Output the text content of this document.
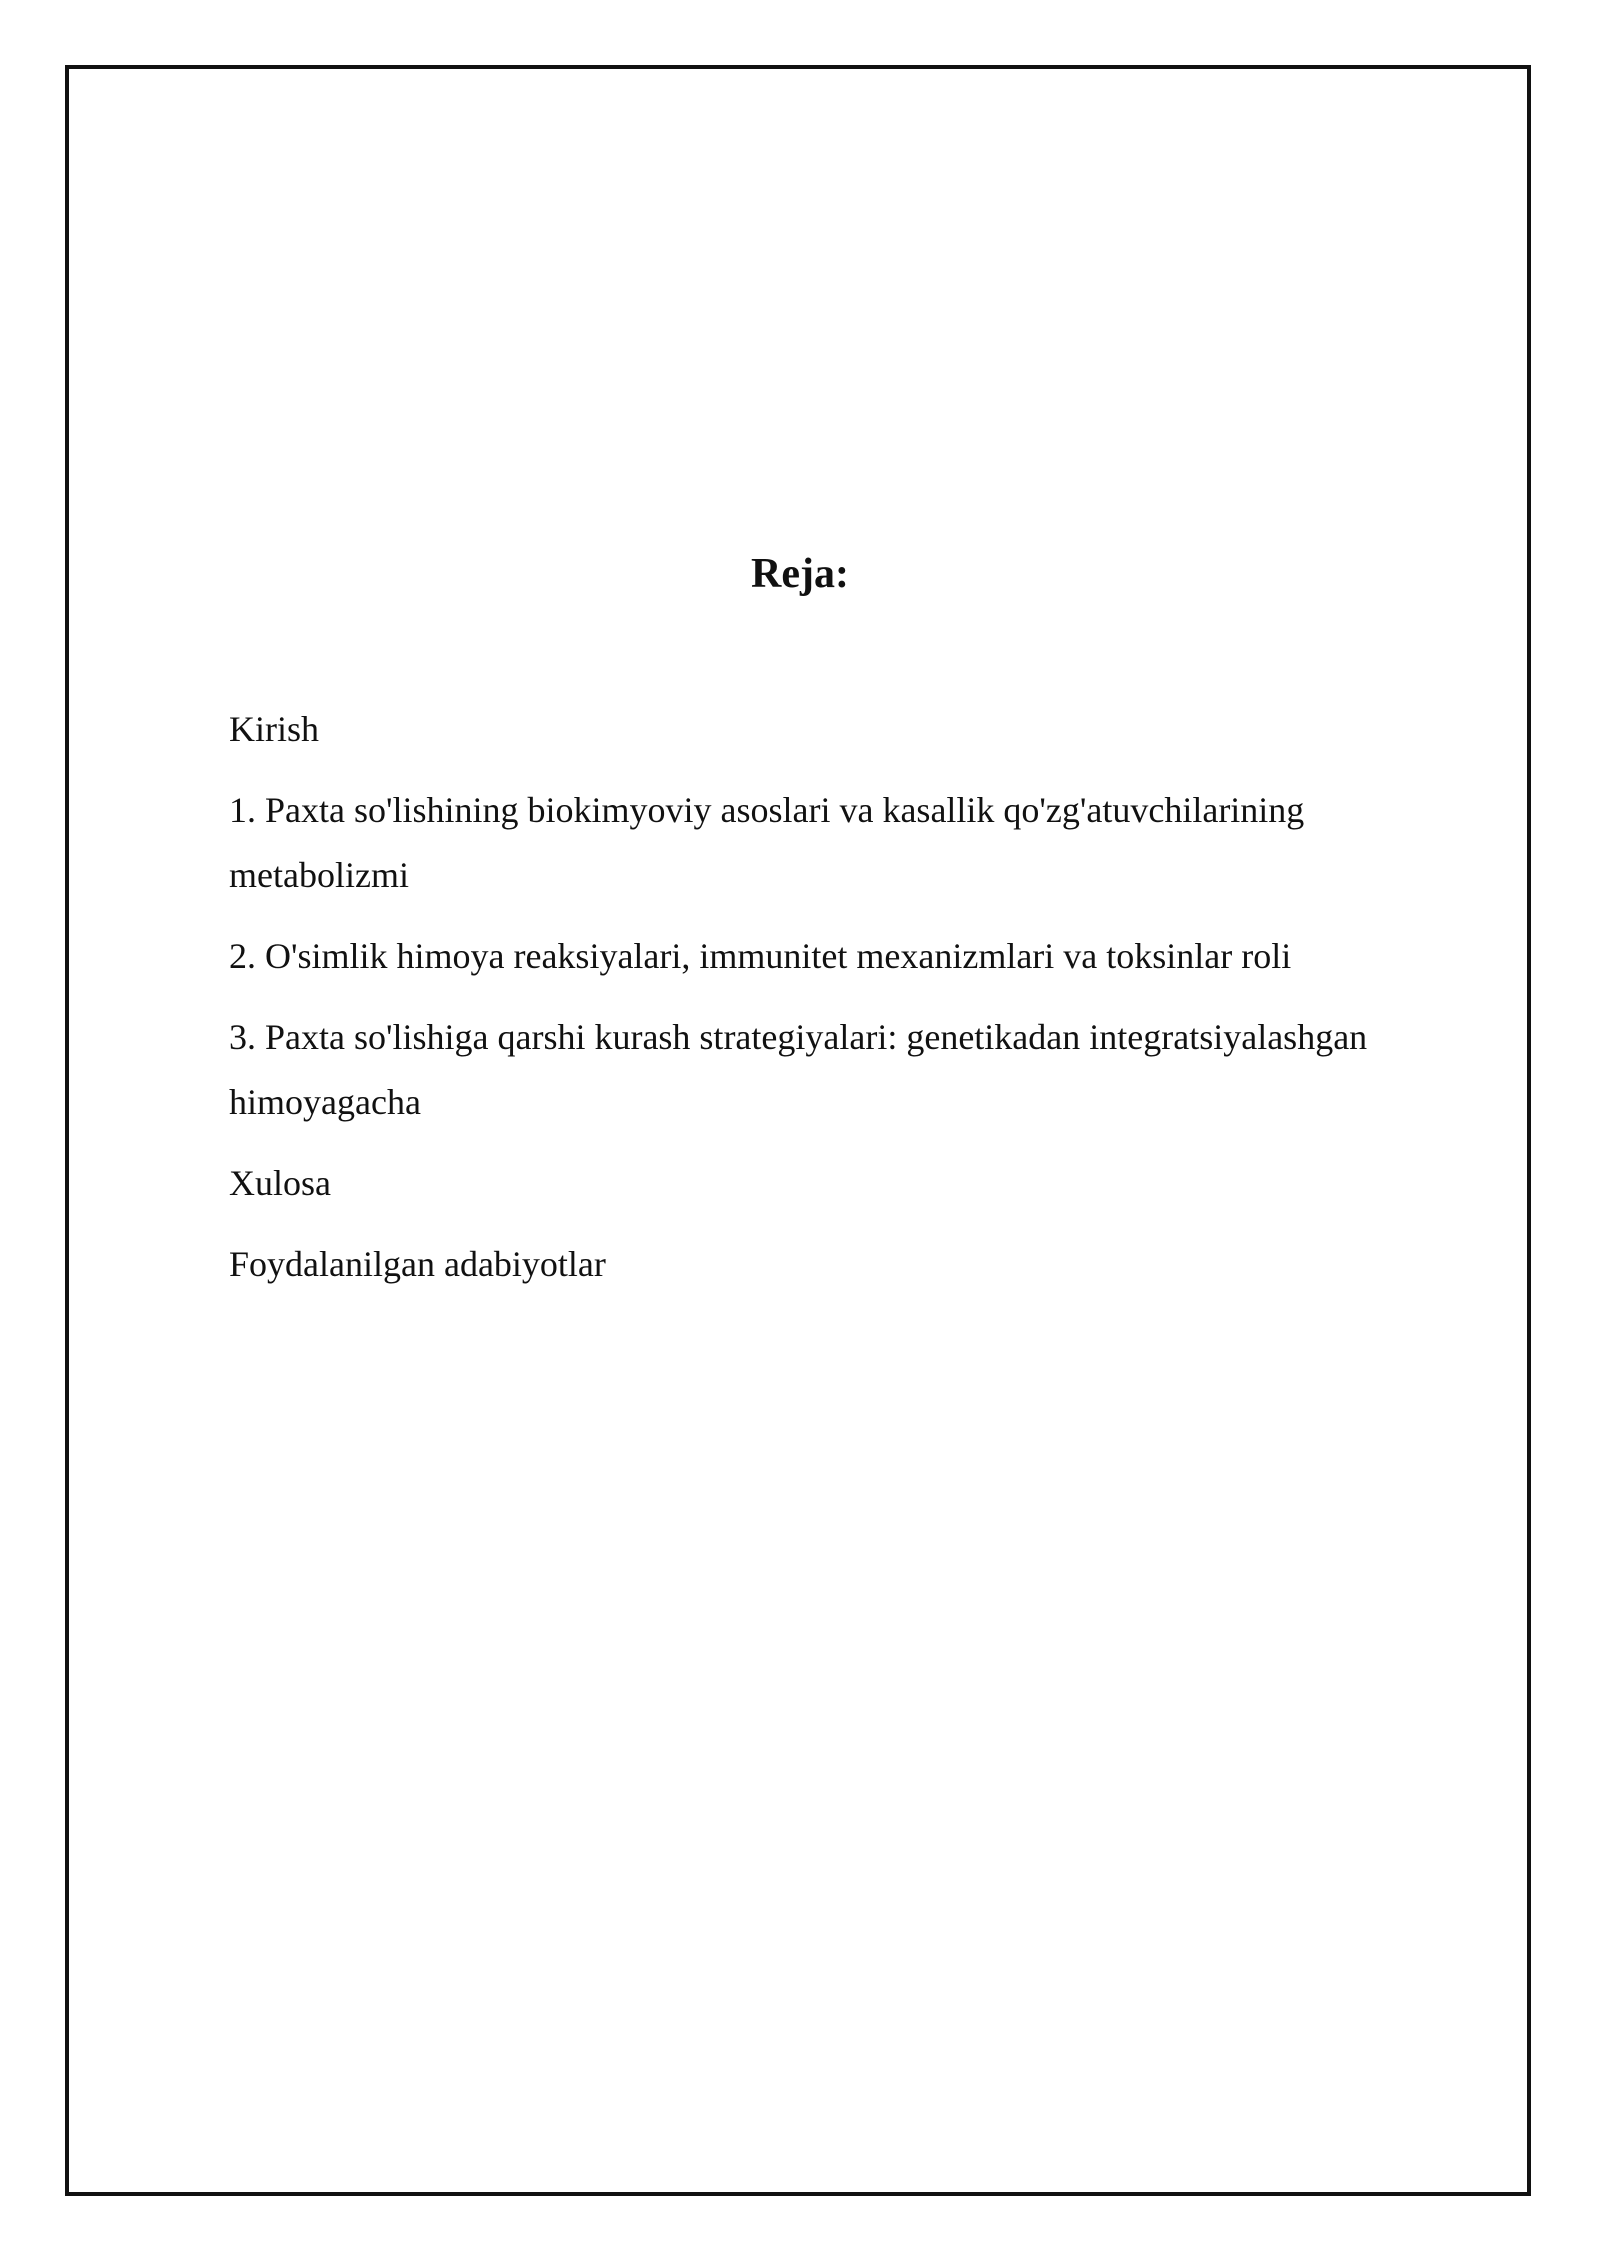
Reja:
Kirish
1. Paxta so'lishining biokimyoviy asoslari va kasallik qo'zg'atuvchilarining metabolizmi
2. O'simlik himoya reaksiyalari, immunitet mexanizmlari va toksinlar roli
3. Paxta so'lishiga qarshi kurash strategiyalari: genetikadan integratsiyalashgan himoyagacha
Xulosa
Foydalanilgan adabiyotlar
